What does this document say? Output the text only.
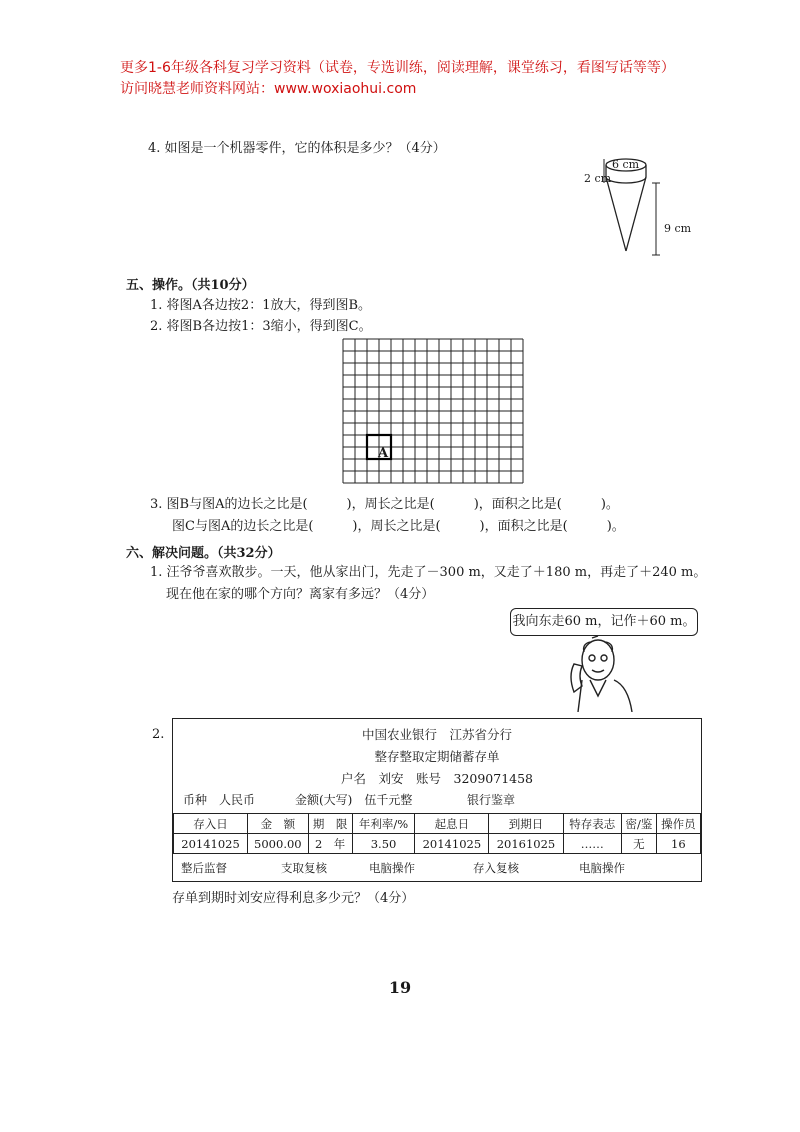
更多1-6年级各科复习学习资料（试卷，专选训练，阅读理解，课堂练习，看图写话等等）访问晓慧老师资料网站：www.woxiaohui.com
4. 如图是一个机器零件，它的体积是多少？（4分）
6 cm
2 cm
9 cm
五、操作。（共10分）
1. 将图A各边按2：1放大，得到图B。
2. 将图B各边按1：3缩小，得到图C。
A
3. 图B与图A的边长之比是(　　　)，周长之比是(　　　)，面积之比是(　　　)。
图C与图A的边长之比是(　　　)，周长之比是(　　　)，面积之比是(　　　)。
六、解决问题。（共32分）
1. 汪爷爷喜欢散步。一天，他从家出门，先走了－300 m，又走了＋180 m，再走了＋240 m。
现在他在家的哪个方向？离家有多远？（4分）
我向东走60 m，记作＋60 m。
2.	中国农业银行　江苏省分行
整存整取定期储蓄存单
户名　刘安　账号　3209071458
币种　人民币	金额(大写)　伍千元整	银行鉴章
存入日	金　额	期　限	年利率/%	起息日	到期日	特存表志	密/鉴	操作员
20141025	5000.00	2　年	3.50	20141025	20161025	……	无	16
整后监督	支取复核	电脑操作	存入复核	电脑操作
存单到期时刘安应得利息多少元？（4分）
19
